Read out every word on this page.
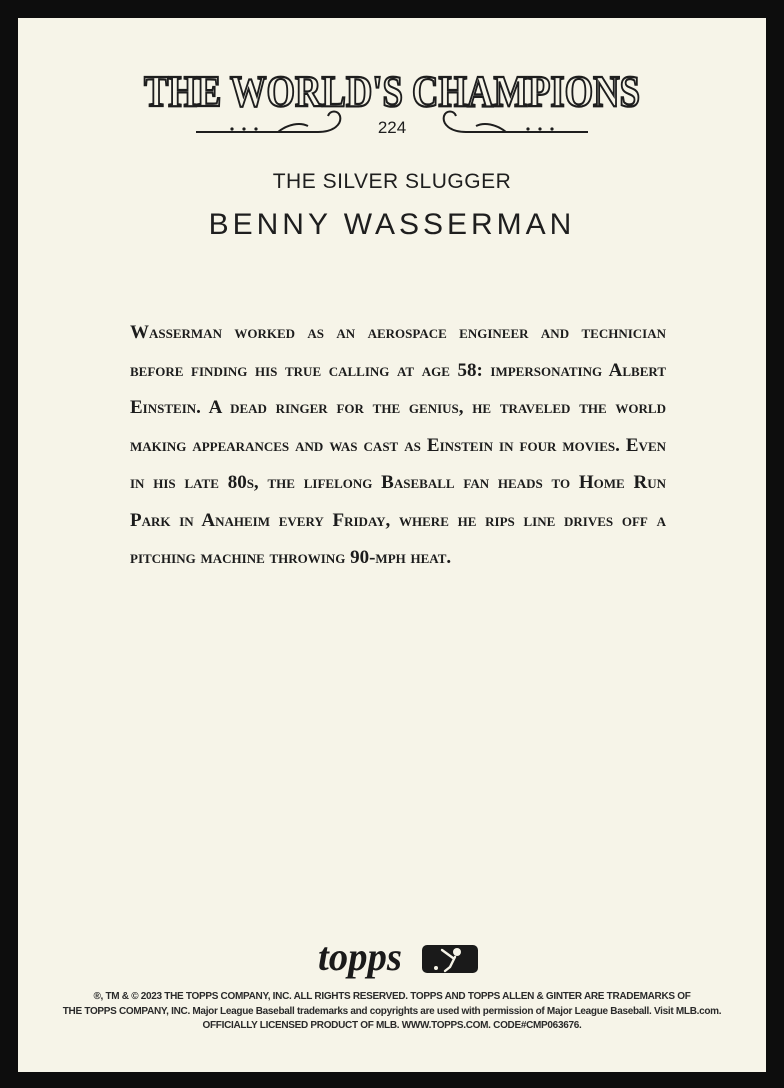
THE WORLD'S CHAMPIONS
224
THE SILVER SLUGGER
BENNY WASSERMAN

Wasserman worked as an aerospace engineer and technician before finding his true calling at age 58: impersonating Albert Einstein. A dead ringer for the genius, he traveled the world making appearances and was cast as Einstein in four movies. Even in his late 80s, the lifelong Baseball fan heads to Home Run Park in Anaheim every Friday, where he rips line drives off a pitching machine throwing 90-mph heat.

topps
®, TM & © 2023 THE TOPPS COMPANY, INC. ALL RIGHTS RESERVED. TOPPS AND TOPPS ALLEN & GINTER ARE TRADEMARKS OF
THE TOPPS COMPANY, INC. Major League Baseball trademarks and copyrights are used with permission of Major League Baseball. Visit MLB.com.
OFFICIALLY LICENSED PRODUCT OF MLB. WWW.TOPPS.COM. CODE#CMP063676.
